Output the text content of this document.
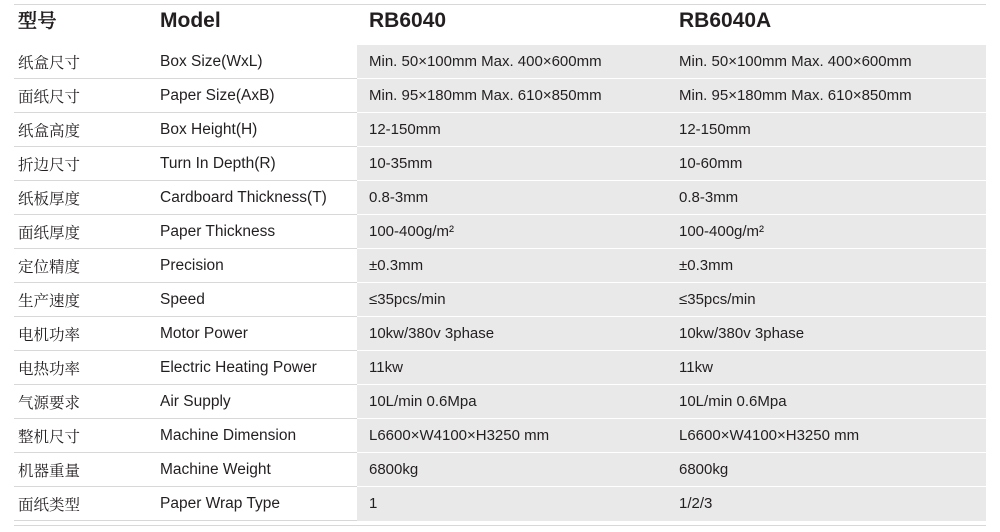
型号	Model	RB6040	RB6040A
纸盒尺寸	Box Size(WxL)	Min. 50×100mm Max. 400×600mm	Min. 50×100mm Max. 400×600mm
面纸尺寸	Paper Size(AxB)	Min. 95×180mm Max. 610×850mm	Min. 95×180mm Max. 610×850mm
纸盒高度	Box Height(H)	12-150mm	12-150mm
折边尺寸	Turn In Depth(R)	10-35mm	10-60mm
纸板厚度	Cardboard Thickness(T)	0.8-3mm	0.8-3mm
面纸厚度	Paper Thickness	100-400g/m²	100-400g/m²
定位精度	Precision	±0.3mm	±0.3mm
生产速度	Speed	≤35pcs/min	≤35pcs/min
电机功率	Motor Power	10kw/380v 3phase	10kw/380v 3phase
电热功率	Electric Heating Power	11kw	11kw
气源要求	Air Supply	10L/min 0.6Mpa	10L/min 0.6Mpa
整机尺寸	Machine Dimension	L6600×W4100×H3250 mm	L6600×W4100×H3250 mm
机器重量	Machine Weight	6800kg	6800kg
面纸类型	Paper Wrap Type	1	1/2/3
